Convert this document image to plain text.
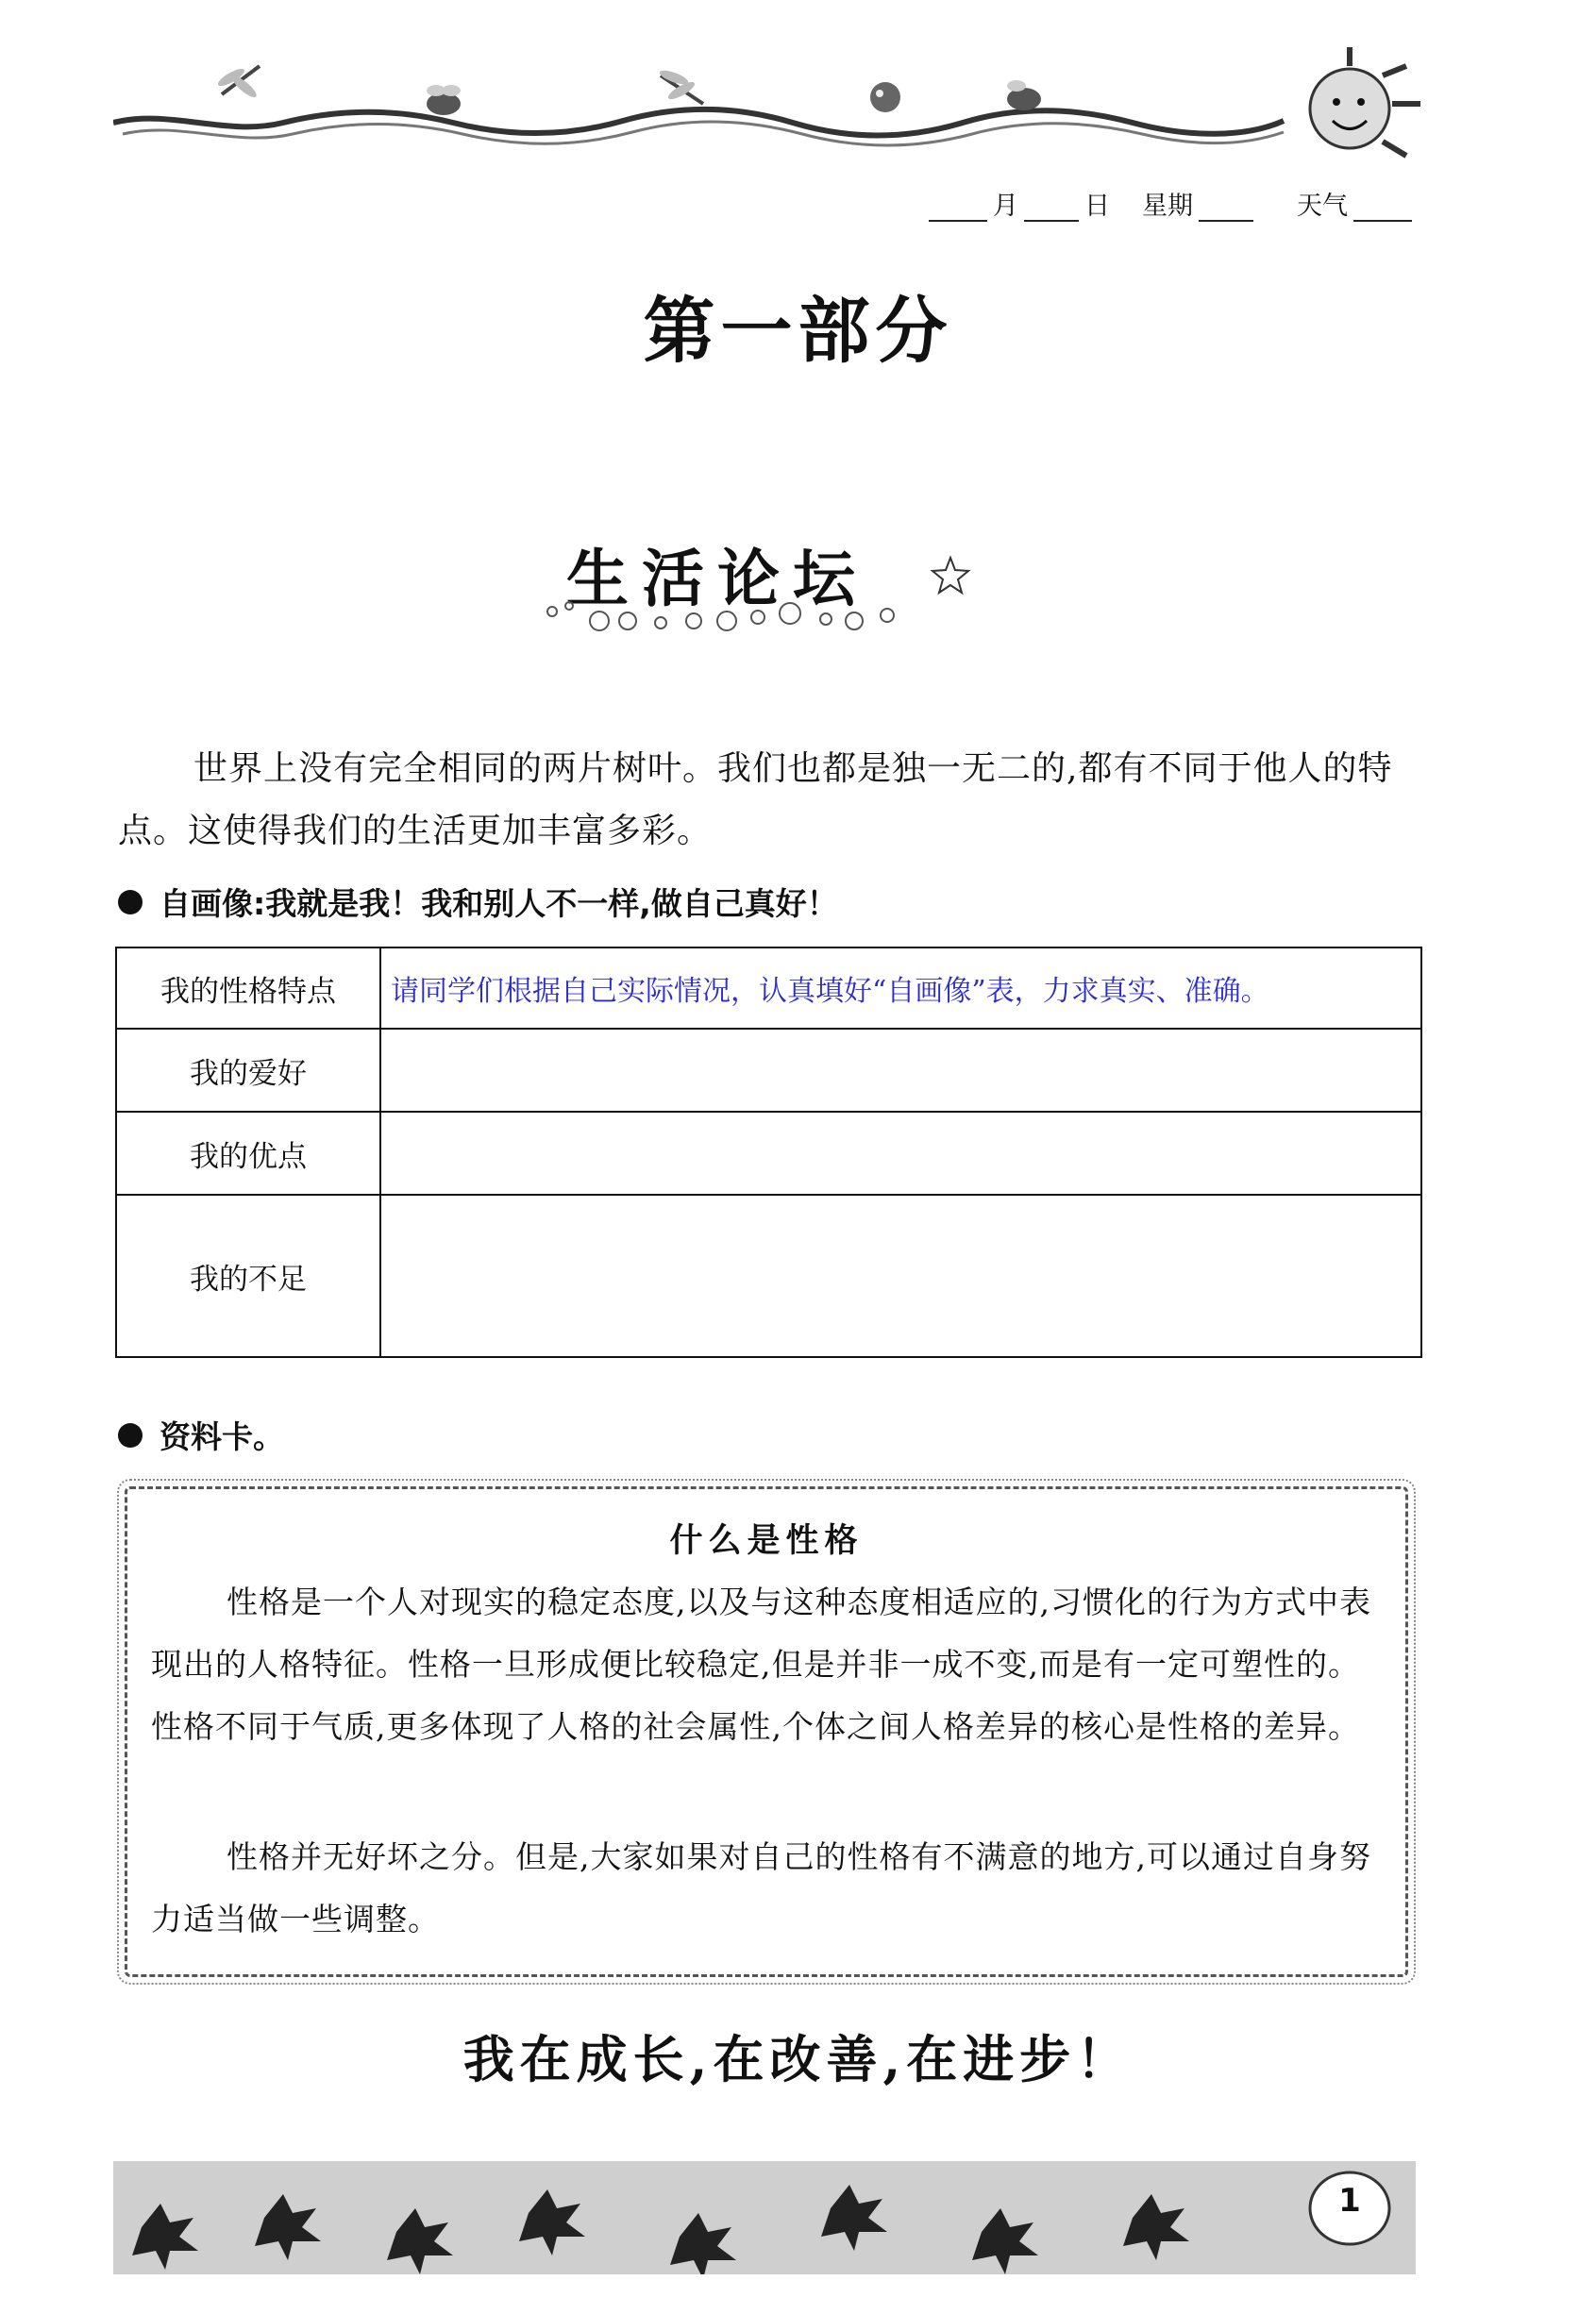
月	日 星期	天气
第一部分
生活论坛
世界上没有完全相同的两片树叶。我们也都是独一无二的,都有不同于他人的特点。这使得我们的生活更加丰富多彩。
自画像:我就是我！我和别人不一样,做自己真好！
我的性格特点	请同学们根据自己实际情况，认真填好“自画像”表，力求真实、准确。
我的爱好	
我的优点	
我的不足	
资料卡。
什么是性格
性格是一个人对现实的稳定态度,以及与这种态度相适应的,习惯化的行为方式中表现出的人格特征。性格一旦形成便比较稳定,但是并非一成不变,而是有一定可塑性的。性格不同于气质,更多体现了人格的社会属性,个体之间人格差异的核心是性格的差异。
性格并无好坏之分。但是,大家如果对自己的性格有不满意的地方,可以通过自身努力适当做一些调整。
我在成长,在改善,在进步！
1
